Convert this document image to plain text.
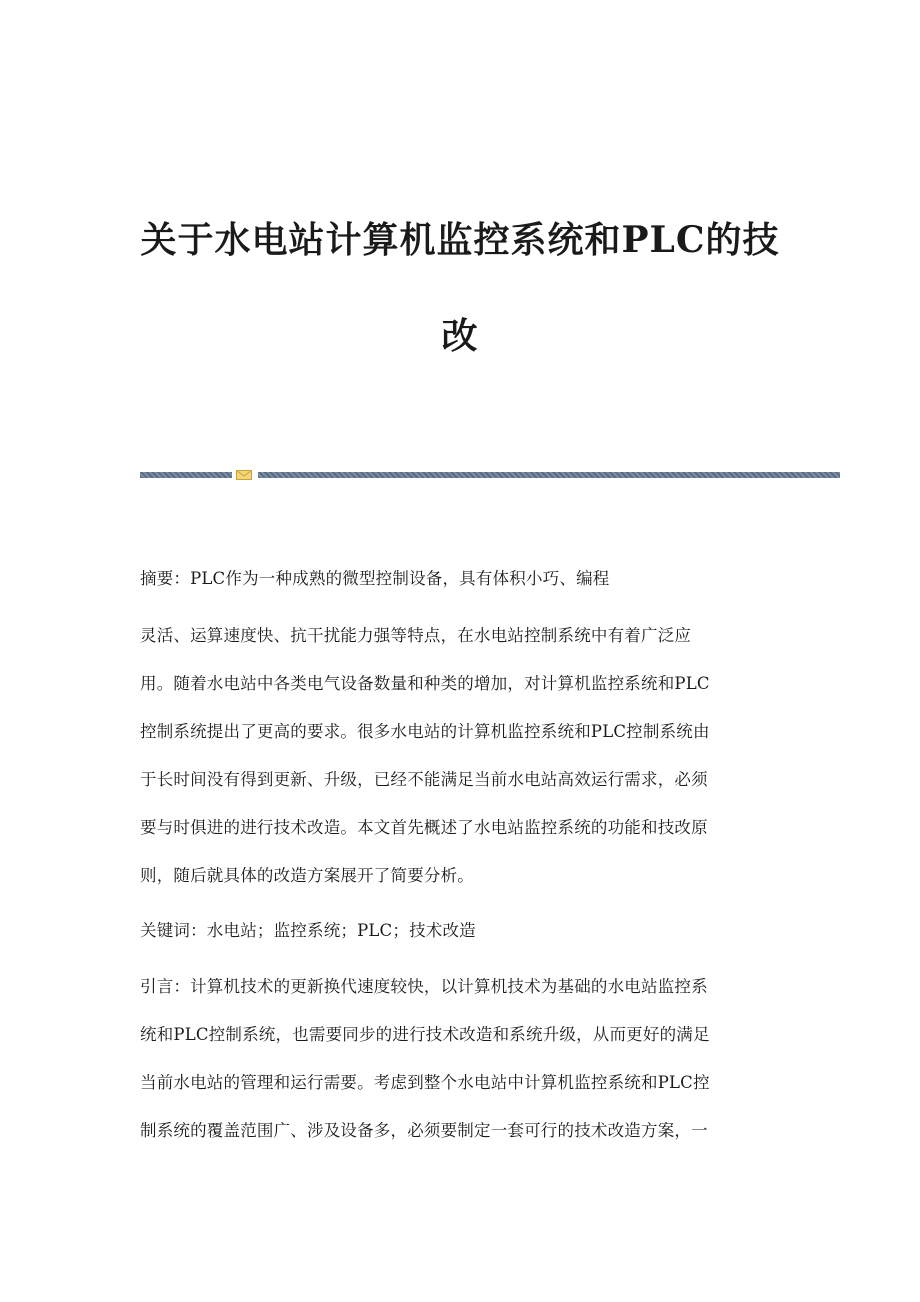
关于水电站计算机监控系统和PLC的技
改

摘要：PLC作为一种成熟的微型控制设备，具有体积小巧、编程

灵活、运算速度快、抗干扰能力强等特点，在水电站控制系统中有着广泛应

用。随着水电站中各类电气设备数量和种类的增加，对计算机监控系统和PLC

控制系统提出了更高的要求。很多水电站的计算机监控系统和PLC控制系统由

于长时间没有得到更新、升级，已经不能满足当前水电站高效运行需求，必须

要与时俱进的进行技术改造。本文首先概述了水电站监控系统的功能和技改原

则，随后就具体的改造方案展开了简要分析。

关键词：水电站；监控系统；PLC；技术改造

引言：计算机技术的更新换代速度较快，以计算机技术为基础的水电站监控系

统和PLC控制系统，也需要同步的进行技术改造和系统升级，从而更好的满足

当前水电站的管理和运行需要。考虑到整个水电站中计算机监控系统和PLC控

制系统的覆盖范围广、涉及设备多，必须要制定一套可行的技术改造方案，一
